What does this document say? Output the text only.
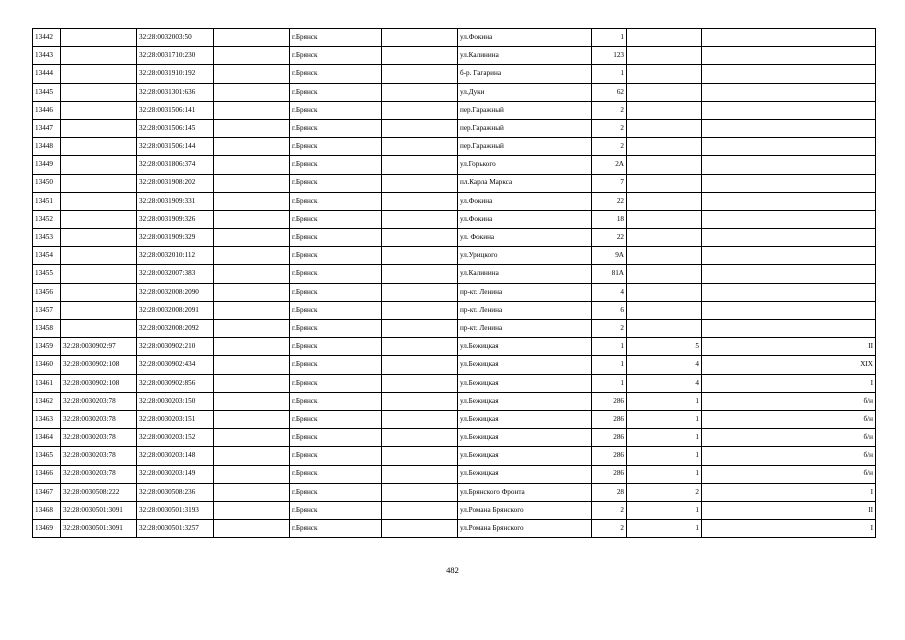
13442		32:28:0032003:50		г.Брянск		ул.Фокина	1		
13443		32:28:0031710:230		г.Брянск		ул.Калинина	123		
13444		32:28:0031910:192		г.Брянск		б-р. Гагарина	1		
13445		32:28:0031301:636		г.Брянск		ул.Дуки	62		
13446		32:28:0031506:141		г.Брянск		пер.Гаражный	2		
13447		32:28:0031506:145		г.Брянск		пер.Гаражный	2		
13448		32:28:0031506:144		г.Брянск		пер.Гаражный	2		
13449		32:28:0031806:374		г.Брянск		ул.Горького	2А		
13450		32:28:0031908:202		г.Брянск		пл.Карла Маркса	7		
13451		32:28:0031909:331		г.Брянск		ул.Фокина	22		
13452		32:28:0031909:326		г.Брянск		ул.Фокина	18		
13453		32:28:0031909:329		г.Брянск		ул. Фокина	22		
13454		32:28:0032010:112		г.Брянск		ул.Урицкого	9А		
13455		32:28:0032007:383		г.Брянск		ул.Калинина	81А		
13456		32:28:0032008:2090		г.Брянск		пр-кт. Ленина	4		
13457		32:28:0032008:2091		г.Брянск		пр-кт. Ленина	6		
13458		32:28:0032008:2092		г.Брянск		пр-кт. Ленина	2		
13459	32:28:0030902:97	32:28:0030902:210		г.Брянск		ул.Бежицкая	1	5	II
13460	32:28:0030902:108	32:28:0030902:434		г.Брянск		ул.Бежицкая	1	4	XIX
13461	32:28:0030902:108	32:28:0030902:856		г.Брянск		ул.Бежицкая	1	4	I
13462	32:28:0030203:78	32:28:0030203:150		г.Брянск		ул.Бежицкая	286	1	б/н
13463	32:28:0030203:78	32:28:0030203:151		г.Брянск		ул.Бежицкая	286	1	б/н
13464	32:28:0030203:78	32:28:0030203:152		г.Брянск		ул.Бежицкая	286	1	б/н
13465	32:28:0030203:78	32:28:0030203:148		г.Брянск		ул.Бежицкая	286	1	б/н
13466	32:28:0030203:78	32:28:0030203:149		г.Брянск		ул.Бежицкая	286	1	б/н
13467	32:28:0030508:222	32:28:0030508:236		г.Брянск		ул.Брянского Фронта	28	2	I
13468	32:28:0030501:3091	32:28:0030501:3193		г.Брянск		ул.Романа Брянского	2	1	II
13469	32:28:0030501:3091	32:28:0030501:3257		г.Брянск		ул.Романа Брянского	2	1	I
482
